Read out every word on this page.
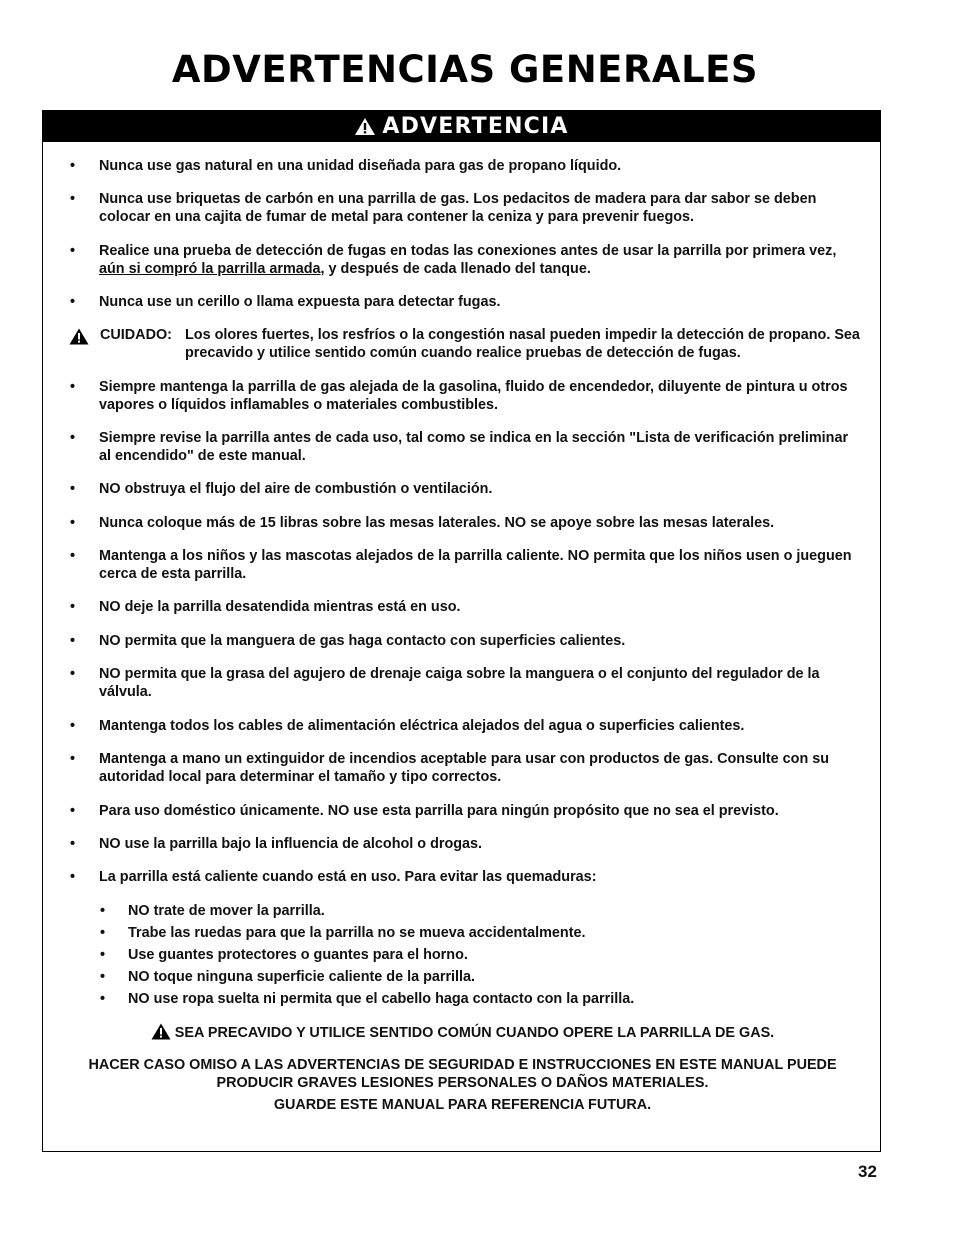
ADVERTENCIAS GENERALES
ADVERTENCIA
• Nunca use gas natural en una unidad diseñada para gas de propano líquido.
• Nunca use briquetas de carbón en una parrilla de gas. Los pedacitos de madera para dar sabor se deben colocar en una cajita de fumar de metal para contener la ceniza y para prevenir fuegos.
• Realice una prueba de detección de fugas en todas las conexiones antes de usar la parrilla por primera vez, aún si compró la parrilla armada, y después de cada llenado del tanque.
• Nunca use un cerillo o llama expuesta para detectar fugas.
CUIDADO: Los olores fuertes, los resfríos o la congestión nasal pueden impedir la detección de propano. Sea precavido y utilice sentido común cuando realice pruebas de detección de fugas.
• Siempre mantenga la parrilla de gas alejada de la gasolina, fluido de encendedor, diluyente de pintura u otros vapores o líquidos inflamables o materiales combustibles.
• Siempre revise la parrilla antes de cada uso, tal como se indica en la sección "Lista de verificación preliminar al encendido" de este manual.
• NO obstruya el flujo del aire de combustión o ventilación.
• Nunca coloque más de 15 libras sobre las mesas laterales. NO se apoye sobre las mesas laterales.
• Mantenga a los niños y las mascotas alejados de la parrilla caliente. NO permita que los niños usen o jueguen cerca de esta parrilla.
• NO deje la parrilla desatendida mientras está en uso.
• NO permita que la manguera de gas haga contacto con superficies calientes.
• NO permita que la grasa del agujero de drenaje caiga sobre la manguera o el conjunto del regulador de la válvula.
• Mantenga todos los cables de alimentación eléctrica alejados del agua o superficies calientes.
• Mantenga a mano un extinguidor de incendios aceptable para usar con productos de gas. Consulte con su autoridad local para determinar el tamaño y tipo correctos.
• Para uso doméstico únicamente. NO use esta parrilla para ningún propósito que no sea el previsto.
• NO use la parrilla bajo la influencia de alcohol o drogas.
• La parrilla está caliente cuando está en uso. Para evitar las quemaduras:
• NO trate de mover la parrilla.
• Trabe las ruedas para que la parrilla no se mueva accidentalmente.
• Use guantes protectores o guantes para el horno.
• NO toque ninguna superficie caliente de la parrilla.
• NO use ropa suelta ni permita que el cabello haga contacto con la parrilla.
SEA PRECAVIDO Y UTILICE SENTIDO COMÚN CUANDO OPERE LA PARRILLA DE GAS.
HACER CASO OMISO A LAS ADVERTENCIAS DE SEGURIDAD E INSTRUCCIONES EN ESTE MANUAL PUEDE
PRODUCIR GRAVES LESIONES PERSONALES O DAÑOS MATERIALES.
GUARDE ESTE MANUAL PARA REFERENCIA FUTURA.
32
